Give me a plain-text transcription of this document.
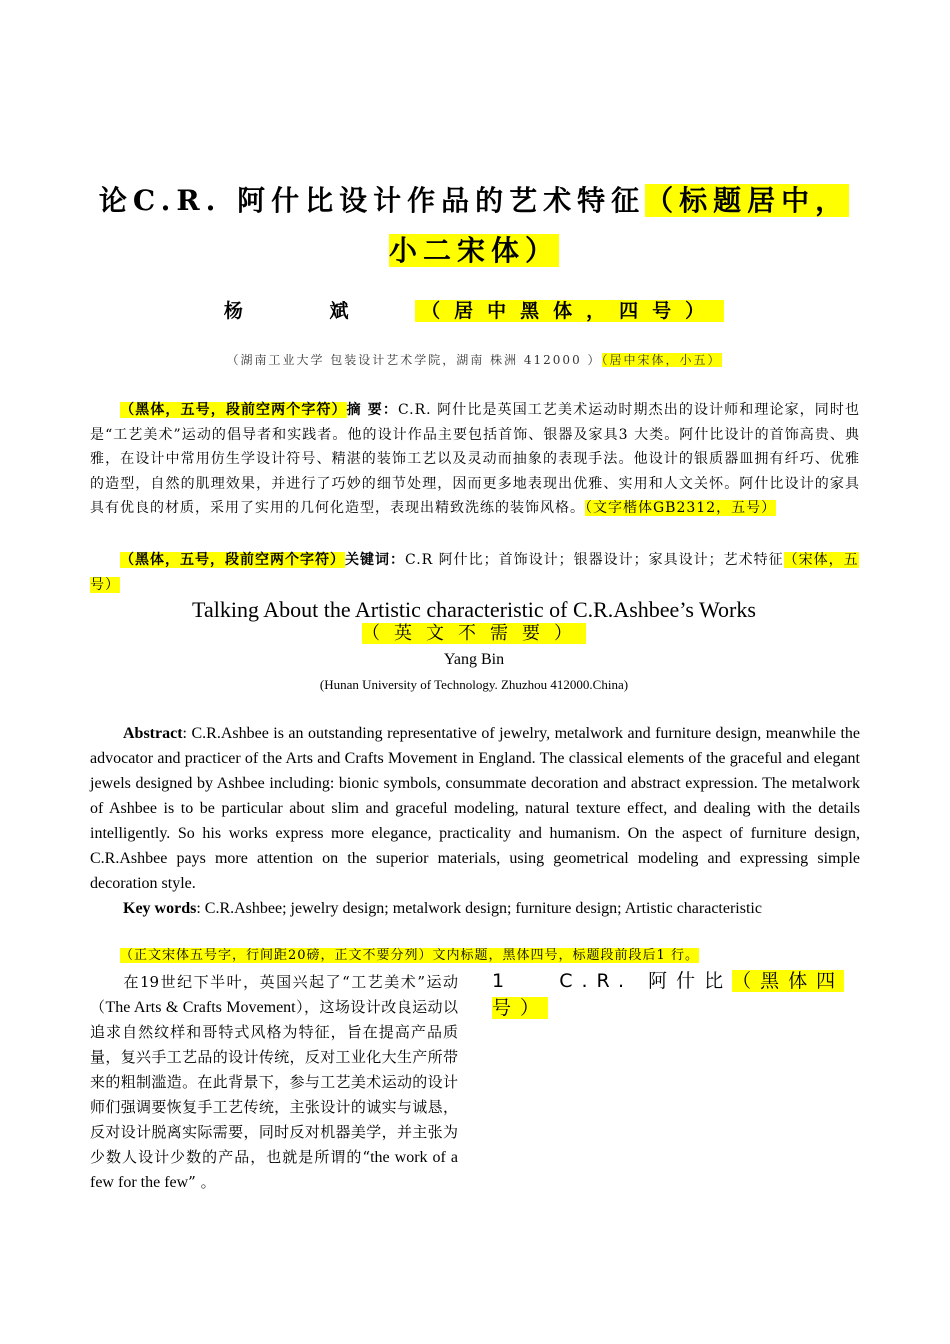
论C.R. 阿什比设计作品的艺术特征（标题居中，小二宋体）
杨 斌 （居中黑体，四号）
（湖南工业大学 包装设计艺术学院，湖南 株洲 412000 ）（居中宋体，小五）
（黑体，五号，段前空两个字符）摘 要：C.R. 阿什比是英国工艺美术运动时期杰出的设计师和理论家，同时也是“工艺美术”运动的倡导者和实践者。他的设计作品主要包括首饰、银器及家具3 大类。阿什比设计的首饰高贵、典雅，在设计中常用仿生学设计符号、精湛的装饰工艺以及灵动而抽象的表现手法。他设计的银质器皿拥有纤巧、优雅的造型，自然的肌理效果，并进行了巧妙的细节处理，因而更多地表现出优雅、实用和人文关怀。阿什比设计的家具具有优良的材质，采用了实用的几何化造型，表现出精致洗练的装饰风格。（文字楷体GB2312，五号）
（黑体，五号，段前空两个字符）关键词：C.R 阿什比；首饰设计；银器设计；家具设计；艺术特征（宋体，五号）
Talking About the Artistic characteristic of C.R.Ashbee’s Works
（英文不需要）
Yang Bin
(Hunan University of Technology. Zhuzhou 412000.China)
Abstract: C.R.Ashbee is an outstanding representative of jewelry, metalwork and furniture design, meanwhile the advocator and practicer of the Arts and Crafts Movement in England. The classical elements of the graceful and elegant jewels designed by Ashbee including: bionic symbols, consummate decoration and abstract expression. The metalwork of Ashbee is to be particular about slim and graceful modeling, natural texture effect, and dealing with the details intelligently. So his works express more elegance, practicality and humanism. On the aspect of furniture design, C.R.Ashbee pays more attention on the superior materials, using geometrical modeling and expressing simple decoration style.
Key words: C.R.Ashbee; jewelry design; metalwork design; furniture design; Artistic characteristic
（正文宋体五号字，行间距20磅，正文不要分列）文内标题，黑体四号，标题段前段后1 行。
在19世纪下半叶，英国兴起了“工艺美术”运动（The Arts & Crafts Movement），这场设计改良运动以追求自然纹样和哥特式风格为特征，旨在提高产品质量，复兴手工艺品的设计传统，反对工业化大生产所带来的粗制滥造。在此背景下，参与工艺美术运动的设计师们强调要恢复手工艺传统，主张设计的诚实与诚恳，反对设计脱离实际需要，同时反对机器美学，并主张为少数人设计少数的产品，也就是所谓的“the work of a few for the few” 。
1 C.R. 阿什比（黑体四号）
